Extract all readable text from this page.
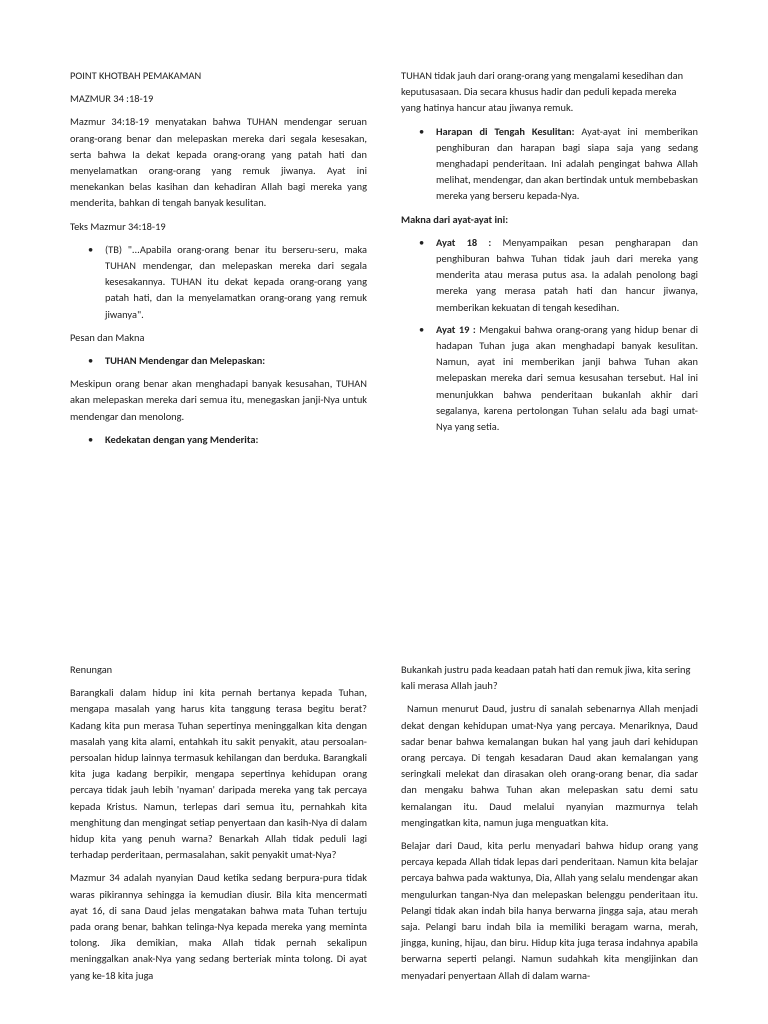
POINT KHOTBAH PEMAKAMAN

MAZMUR 34 :18-19

Mazmur 34:18-19 menyatakan bahwa TUHAN mendengar seruan orang-orang benar dan melepaskan mereka dari segala kesesakan, serta bahwa Ia dekat kepada orang-orang yang patah hati dan menyelamatkan orang-orang yang remuk jiwanya. Ayat ini menekankan belas kasihan dan kehadiran Allah bagi mereka yang menderita, bahkan di tengah banyak kesulitan.

Teks Mazmur 34:18-19

• (TB) "...Apabila orang-orang benar itu berseru-seru, maka TUHAN mendengar, dan melepaskan mereka dari segala kesesakannya. TUHAN itu dekat kepada orang-orang yang patah hati, dan Ia menyelamatkan orang-orang yang remuk jiwanya".

Pesan dan Makna

• TUHAN Mendengar dan Melepaskan:

Meskipun orang benar akan menghadapi banyak kesusahan, TUHAN akan melepaskan mereka dari semua itu, menegaskan janji-Nya untuk mendengar dan menolong.

• Kedekatan dengan yang Menderita:

TUHAN tidak jauh dari orang-orang yang mengalami kesedihan dan keputusasaan. Dia secara khusus hadir dan peduli kepada mereka yang hatinya hancur atau jiwanya remuk.

• Harapan di Tengah Kesulitan: Ayat-ayat ini memberikan penghiburan dan harapan bagi siapa saja yang sedang menghadapi penderitaan. Ini adalah pengingat bahwa Allah melihat, mendengar, dan akan bertindak untuk membebaskan mereka yang berseru kepada-Nya.

Makna dari ayat-ayat ini:

• Ayat 18 : Menyampaikan pesan pengharapan dan penghiburan bahwa Tuhan tidak jauh dari mereka yang menderita atau merasa putus asa. Ia adalah penolong bagi mereka yang merasa patah hati dan hancur jiwanya, memberikan kekuatan di tengah kesedihan.
• Ayat 19 : Mengakui bahwa orang-orang yang hidup benar di hadapan Tuhan juga akan menghadapi banyak kesulitan. Namun, ayat ini memberikan janji bahwa Tuhan akan melepaskan mereka dari semua kesusahan tersebut. Hal ini menunjukkan bahwa penderitaan bukanlah akhir dari segalanya, karena pertolongan Tuhan selalu ada bagi umat-Nya yang setia.

Renungan

Barangkali dalam hidup ini kita pernah bertanya kepada Tuhan, mengapa masalah yang harus kita tanggung terasa begitu berat? Kadang kita pun merasa Tuhan sepertinya meninggalkan kita dengan masalah yang kita alami, entahkah itu sakit penyakit, atau persoalan-persoalan hidup lainnya termasuk kehilangan dan berduka. Barangkali kita juga kadang berpikir, mengapa sepertinya kehidupan orang percaya tidak jauh lebih 'nyaman' daripada mereka yang tak percaya kepada Kristus. Namun, terlepas dari semua itu, pernahkah kita menghitung dan mengingat setiap penyertaan dan kasih-Nya di dalam hidup kita yang penuh warna? Benarkah Allah tidak peduli lagi terhadap perderitaan, permasalahan, sakit penyakit umat-Nya?

Mazmur 34 adalah nyanyian Daud ketika sedang berpura-pura tidak waras pikirannya sehingga ia kemudian diusir. Bila kita mencermati ayat 16, di sana Daud jelas mengatakan bahwa mata Tuhan tertuju pada orang benar, bahkan telinga-Nya kepada mereka yang meminta tolong. Jika demikian, maka Allah tidak pernah sekalipun meninggalkan anak-Nya yang sedang berteriak minta tolong. Di ayat yang ke-18 kita juga

Bukankah justru pada keadaan patah hati dan remuk jiwa, kita sering kali merasa Allah jauh?

Namun menurut Daud, justru di sanalah sebenarnya Allah menjadi dekat dengan kehidupan umat-Nya yang percaya. Menariknya, Daud sadar benar bahwa kemalangan bukan hal yang jauh dari kehidupan orang percaya. Di tengah kesadaran Daud akan kemalangan yang seringkali melekat dan dirasakan oleh orang-orang benar, dia sadar dan mengaku bahwa Tuhan akan melepaskan satu demi satu kemalangan itu. Daud melalui nyanyian mazmurnya telah mengingatkan kita, namun juga menguatkan kita.

Belajar dari Daud, kita perlu menyadari bahwa hidup orang yang percaya kepada Allah tidak lepas dari penderitaan. Namun kita belajar percaya bahwa pada waktunya, Dia, Allah yang selalu mendengar akan mengulurkan tangan-Nya dan melepaskan belenggu penderitaan itu. Pelangi tidak akan indah bila hanya berwarna jingga saja, atau merah saja. Pelangi baru indah bila ia memiliki beragam warna, merah, jingga, kuning, hijau, dan biru. Hidup kita juga terasa indahnya apabila berwarna seperti pelangi. Namun sudahkah kita mengijinkan dan menyadari penyertaan Allah di dalam warna-
